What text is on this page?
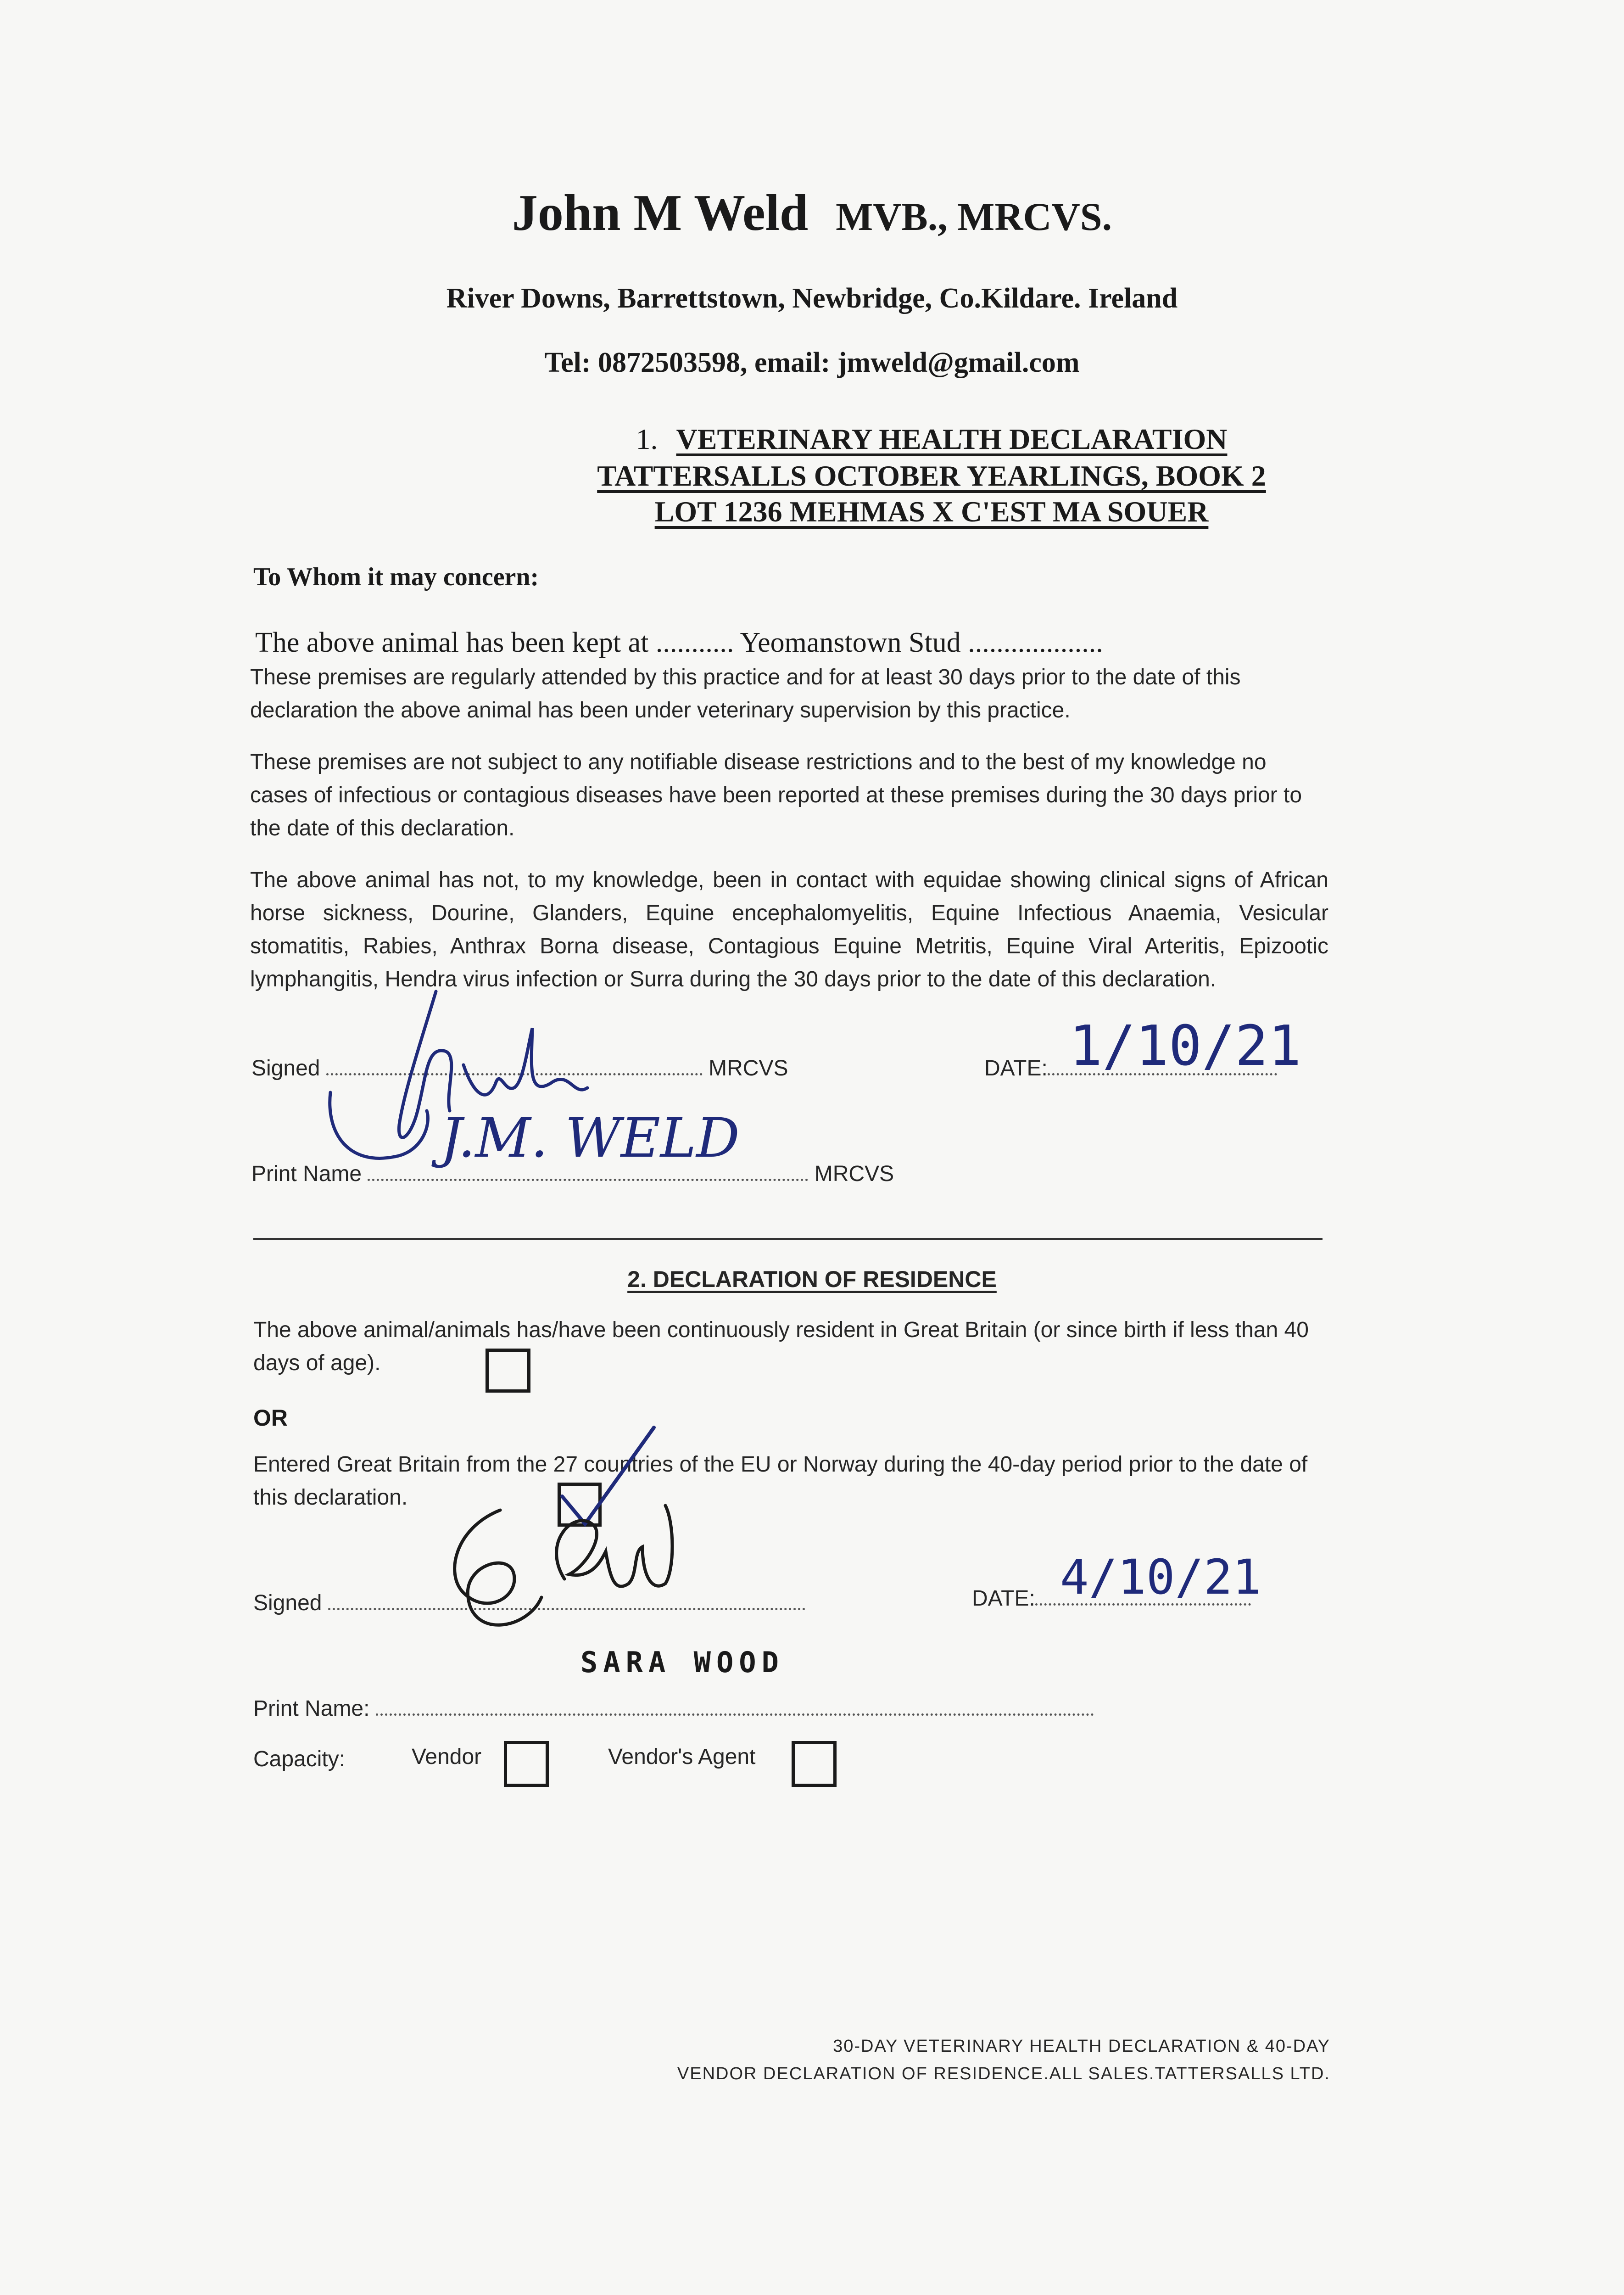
John M Weld MVB., MRCVS.
River Downs, Barrettstown, Newbridge, Co.Kildare. Ireland
Tel: 0872503598, email: jmweld@gmail.com
1. VETERINARY HEALTH DECLARATION
TATTERSALLS OCTOBER YEARLINGS, BOOK 2
LOT 1236 MEHMAS X C'EST MA SOUER
To Whom it may concern:
The above animal has been kept at ........... Yeomanstown Stud ...................
These premises are regularly attended by this practice and for at least 30 days prior to the date of this declaration the above animal has been under veterinary supervision by this practice.
These premises are not subject to any notifiable disease restrictions and to the best of my knowledge no cases of infectious or contagious diseases have been reported at these premises during the 30 days prior to the date of this declaration.
The above animal has not, to my knowledge, been in contact with equidae showing clinical signs of African horse sickness, Dourine, Glanders, Equine encephalomyelitis, Equine Infectious Anaemia, Vesicular stomatitis, Rabies, Anthrax Borna disease, Contagious Equine Metritis, Equine Viral Arteritis, Epizootic lymphangitis, Hendra virus infection or Surra during the 30 days prior to the date of this declaration.
Signed	MRCVS	DATE: 1/10/21
Print Name	MRCVS
J.M. WELD
2. DECLARATION OF RESIDENCE
The above animal/animals has/have been continuously resident in Great Britain (or since birth if less than 40 days of age).
OR
Entered Great Britain from the 27 countries of the EU or Norway during the 40-day period prior to the date of this declaration.
Signed	DATE: 4/10/21
SARA WOOD
Print Name:
Capacity:	Vendor	Vendor's Agent
30-DAY VETERINARY HEALTH DECLARATION & 40-DAY
VENDOR DECLARATION OF RESIDENCE.ALL SALES.TATTERSALLS LTD.
